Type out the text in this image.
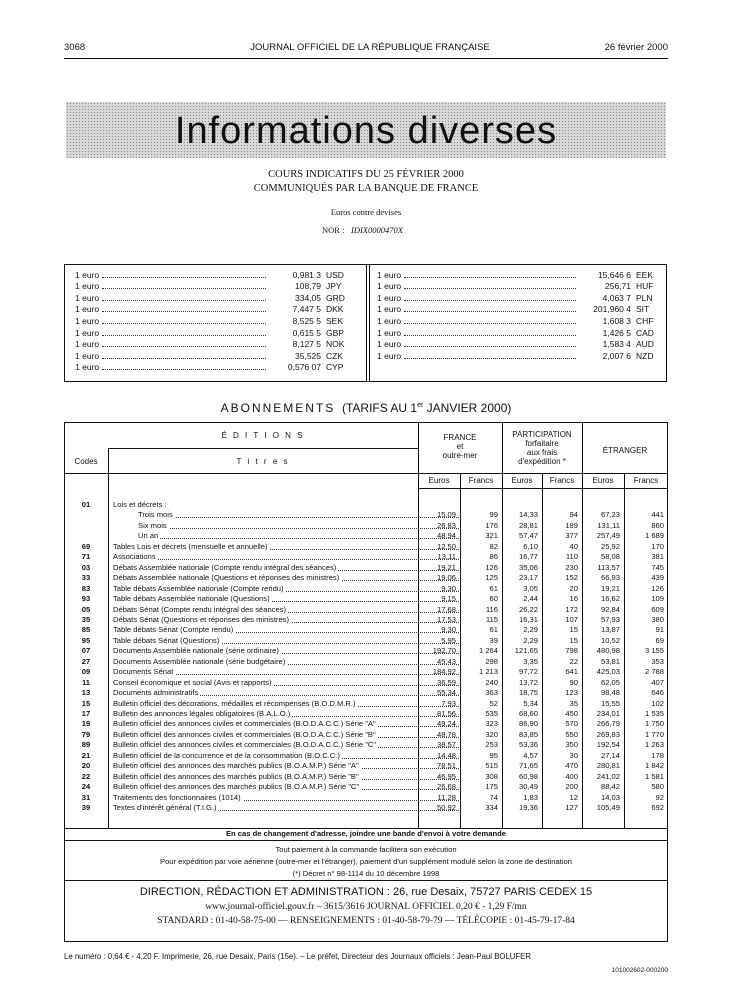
3068	JOURNAL OFFICIEL DE LA RÉPUBLIQUE FRANÇAISE	26 février 2000
Informations diverses
COURS INDICATIFS DU 25 FÉVRIER 2000
COMMUNIQUÉS PAR LA BANQUE DE FRANCE
Euros contre devises
NOR : IDIX0000470X
1 euro	0,981 3 USD
1 euro	108,79 JPY
1 euro	334,05 GRD
1 euro	7,447 5 DKK
1 euro	8,525 5 SEK
1 euro	0,615 5 GBP
1 euro	8,127 5 NOK
1 euro	35,525 CZK
1 euro	0,576 07 CYP
1 euro	15,646 6 EEK
1 euro	256,71 HUF
1 euro	4,063 7 PLN
1 euro	201,960 4 SIT
1 euro	1,608 3 CHF
1 euro	1,426 5 CAD
1 euro	1,583 4 AUD
1 euro	2,007 6 NZD
ABONNEMENTS (TARIFS AU 1er JANVIER 2000)
É D I T I O N S
Codes	T i t r e s
FRANCE
et
outre-mer
PARTICIPATION
forfaitaire
aux frais
d'expédition *
ÉTRANGER
Euros	Francs	Euros	Francs	Euros	Francs
01	Lois et décrets :
Trois mois	15,09	99	14,33	94	67,23	441
Six mois	26,83	176	28,81	189	131,11	860
Un an	48,94	321	57,47	377	257,49	1 689
69	Tables Lois et décrets (mensuelle et annuelle)	12,50	82	6,10	40	25,92	170
71	Associations	13,11	86	16,77	110	58,08	381
03	Débats Assemblée nationale (Compte rendu intégral des séances)	19,21	126	35,06	230	113,57	745
33	Débats Assemblée nationale (Questions et réponses des ministres)	19,06	125	23,17	152	66,93	439
83	Table débats Assemblée nationale (Compte rendu)	9,30	61	3,05	20	19,21	126
93	Table débats Assemblée nationale (Questions)	9,15	60	2,44	16	16,62	109
05	Débats Sénat (Compte rendu intégral des séances)	17,68	116	26,22	172	92,84	609
35	Débats Sénat (Questions et réponses des ministres)	17,53	115	16,31	107	57,93	380
85	Table débats Sénat (Compte rendu)	9,30	61	2,29	15	13,87	91
95	Table débats Sénat (Questions)	5,95	39	2,29	15	10,52	69
07	Documents Assemblée nationale (série ordinaire)	192,70	1 264	121,65	798	480,98	3 155
27	Documents Assemblée nationale (série budgétaire)	45,43	298	3,35	22	53,81	353
09	Documents Sénat	184,92	1 213	97,72	641	425,03	2 788
11	Conseil économique et social (Avis et rapports)	36,59	240	13,72	90	62,05	407
13	Documents administratifs	55,34	363	18,75	123	98,48	646
15	Bulletin officiel des décorations, médailles et récompenses (B.O.D.M.R.)	7,93	52	5,34	35	15,55	102
17	Bulletin des annonces légales obligatoires (B.A.L.O.)	81,56	535	68,60	450	234,01	1 535
19	Bulletin officiel des annonces civiles et commerciales (B.O.D.A.C.C.) Série "A"	49,24	323	86,90	570	266,79	1 750
79	Bulletin officiel des annonces civiles et commerciales (B.O.D.A.C.C.) Série "B"	48,78	320	83,85	550	269,83	1 770
89	Bulletin officiel des annonces civiles et commerciales (B.O.D.A.C.C.) Série "C"	38,57	253	53,36	350	192,54	1 263
21	Bulletin officiel de la concurrence et de la consommation (B.O.C.C.)	14,48	95	4,57	30	27,14	178
20	Bulletin officiel des annonces des marchés publics (B.O.A.M.P.) Série "A"	78,51	515	71,65	470	280,81	1 842
22	Bulletin officiel des annonces des marchés publics (B.O.A.M.P.) Série "B"	46,95	308	60,98	400	241,02	1 581
24	Bulletin officiel des annonces des marchés publics (B.O.A.M.P.) Série "C"	26,68	175	30,49	200	88,42	580
31	Traitements des fonctionnaires (1014)	11,28	74	1,83	12	14,03	92
39	Textes d'intérêt général (T.I.G.)	50,92	334	19,36	127	105,49	692
En cas de changement d'adresse, joindre une bande d'envoi à votre demande
Tout paiement à la commande facilitera son exécution
Pour expédition par voie aérienne (outre-mer et l'étranger), paiement d'un supplément modulé selon la zone de destination
(*) Décret n° 98-1114 du 10 décembre 1998
DIRECTION, RÉDACTION ET ADMINISTRATION : 26, rue Desaix, 75727 PARIS CEDEX 15
www.journal-officiel.gouv.fr – 3615/3616 JOURNAL OFFICIEL 0,20 € - 1,29 F/mn
STANDARD : 01-40-58-75-00 — RENSEIGNEMENTS : 01-40-58-79-79 — TÉLÉCOPIE : 01-45-79-17-84
Le numéro : 0,64 € - 4,20 F. Imprimerie, 26, rue Desaix, Paris (15e). – Le préfet, Directeur des Journaux officiels : Jean-Paul BOLUFER
101002602-000200
